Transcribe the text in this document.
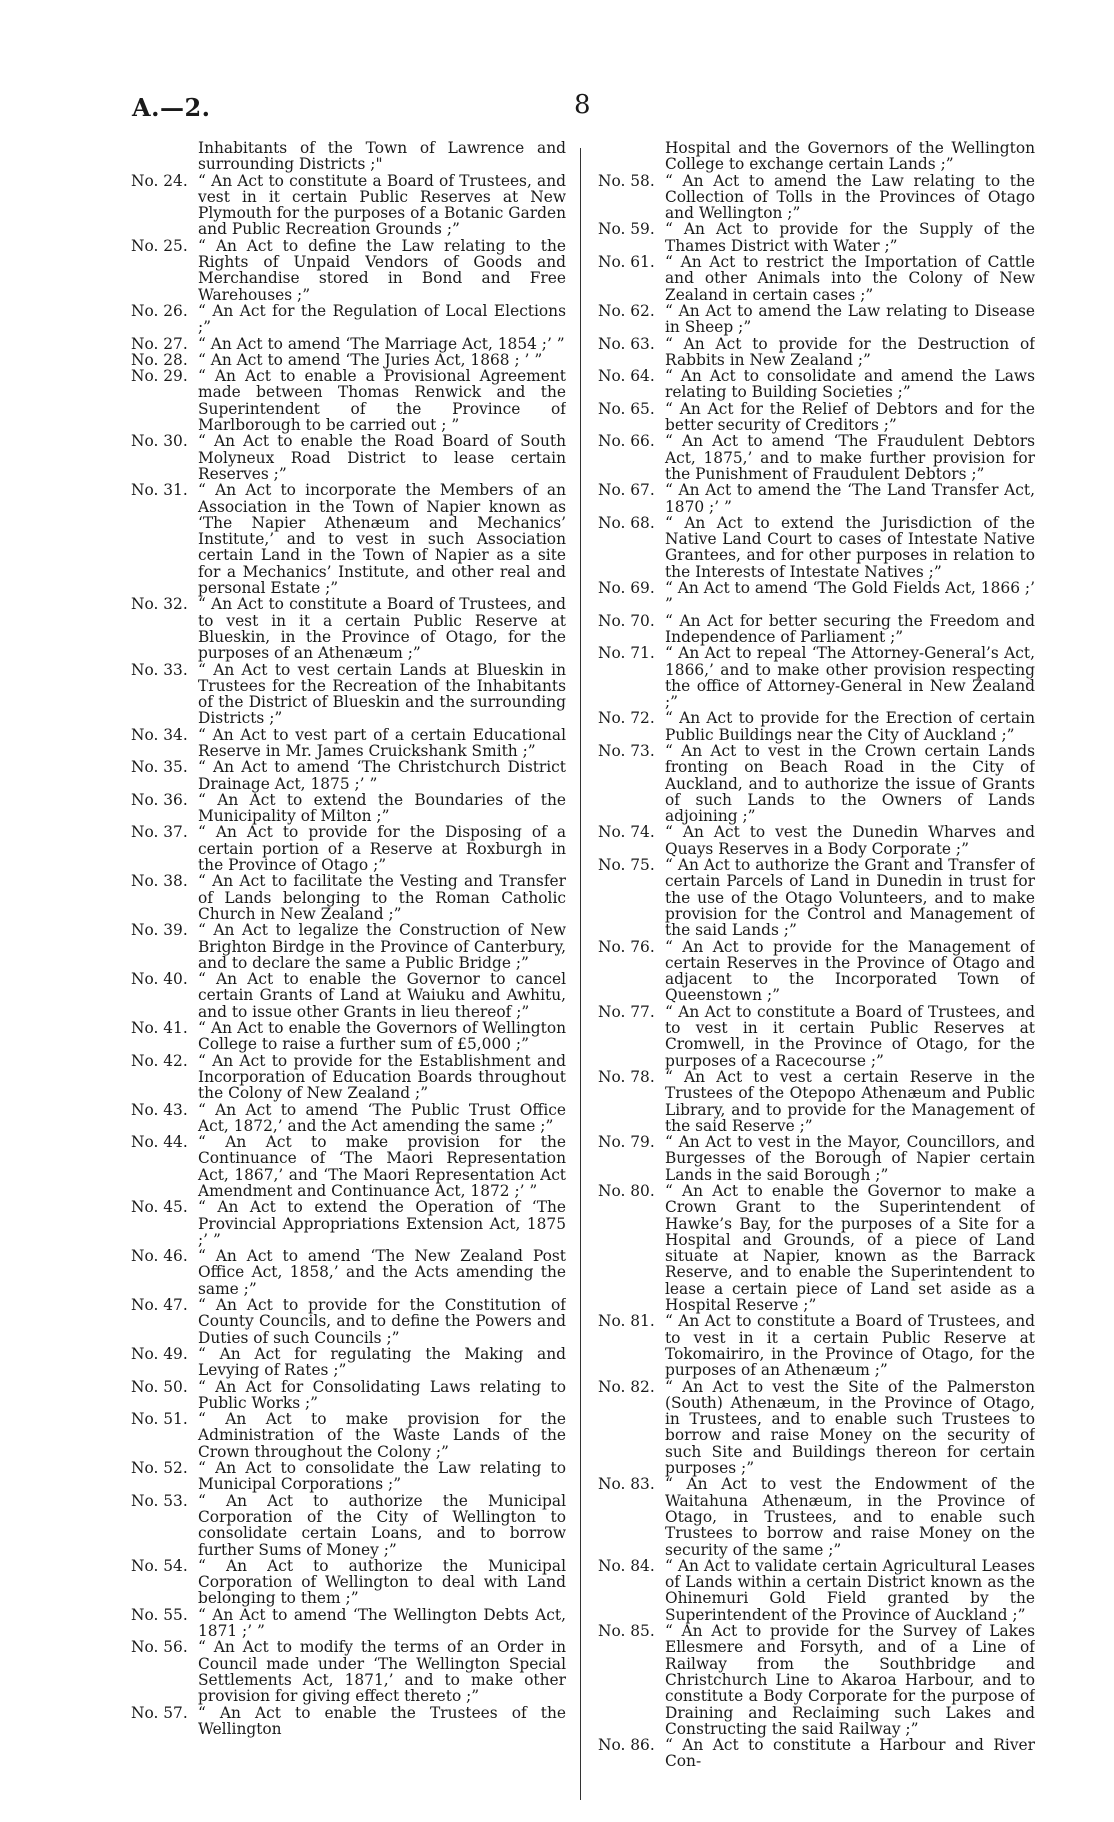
A.—2.	8

Inhabitants of the Town of Lawrence and surrounding Districts ;"

No. 24. “ An Act to constitute a Board of Trustees, and vest in it certain Public Reserves at New Plymouth for the purposes of a Botanic Garden and Public Recreation Grounds ;”

No. 25. “ An Act to define the Law relating to the Rights of Unpaid Vendors of Goods and Merchandise stored in Bond and Free Warehouses ;”

No. 26. “ An Act for the Regulation of Local Elections ;”

No. 27. “ An Act to amend ‘The Marriage Act, 1854 ;’ ”

No. 28. “ An Act to amend ‘The Juries Act, 1868 ; ’ ”

No. 29. “ An Act to enable a Provisional Agreement made between Thomas Renwick and the Superintendent of the Province of Marlborough to be carried out ; ”

No. 30. “ An Act to enable the Road Board of South Molyneux Road District to lease certain Reserves ;”

No. 31. “ An Act to incorporate the Members of an Association in the Town of Napier known as ‘The Napier Athenæum and Mechanics’ Institute,’ and to vest in such Association certain Land in the Town of Napier as a site for a Mechanics’ Institute, and other real and personal Estate ;”

No. 32. “ An Act to constitute a Board of Trustees, and to vest in it a certain Public Reserve at Blueskin, in the Province of Otago, for the purposes of an Athenæum ;”

No. 33. “ An Act to vest certain Lands at Blueskin in Trustees for the Recreation of the Inhabitants of the District of Blueskin and the surrounding Districts ;”

No. 34. “ An Act to vest part of a certain Educational Reserve in Mr. James Cruickshank Smith ;”

No. 35. “ An Act to amend ‘The Christchurch District Drainage Act, 1875 ;’ ”

No. 36. “ An Act to extend the Boundaries of the Municipality of Milton ;”

No. 37. “ An Act to provide for the Disposing of a certain portion of a Reserve at Roxburgh in the Province of Otago ;”

No. 38. “ An Act to facilitate the Vesting and Transfer of Lands belonging to the Roman Catholic Church in New Zealand ;”

No. 39. “ An Act to legalize the Construction of New Brighton Birdge in the Province of Canterbury, and to declare the same a Public Bridge ;”

No. 40. “ An Act to enable the Governor to cancel certain Grants of Land at Waiuku and Awhitu, and to issue other Grants in lieu thereof ;”

No. 41. “ An Act to enable the Governors of Wellington College to raise a further sum of £5,000 ;”

No. 42. “ An Act to provide for the Establishment and Incorporation of Education Boards throughout the Colony of New Zealand ;”

No. 43. “ An Act to amend ‘The Public Trust Office Act, 1872,’ and the Act amending the same ;”

No. 44. “ An Act to make provision for the Continuance of ‘The Maori Representation Act, 1867,’ and ‘The Maori Representation Act Amendment and Continuance Act, 1872 ;’ ”

No. 45. “ An Act to extend the Operation of ‘The Provincial Appropriations Extension Act, 1875 ;’ ”

No. 46. “ An Act to amend ‘The New Zealand Post Office Act, 1858,’ and the Acts amending the same ;”

No. 47. “ An Act to provide for the Constitution of County Councils, and to define the Powers and Duties of such Councils ;”

No. 49. “ An Act for regulating the Making and Levying of Rates ;”

No. 50. “ An Act for Consolidating Laws relating to Public Works ;”

No. 51. “ An Act to make provision for the Administration of the Waste Lands of the Crown throughout the Colony ;”

No. 52. “ An Act to consolidate the Law relating to Municipal Corporations ;”

No. 53. “ An Act to authorize the Municipal Corporation of the City of Wellington to consolidate certain Loans, and to borrow further Sums of Money ;”

No. 54. “ An Act to authorize the Municipal Corporation of Wellington to deal with Land belonging to them ;”

No. 55. “ An Act to amend ‘The Wellington Debts Act, 1871 ;’ ”

No. 56. “ An Act to modify the terms of an Order in Council made under ‘The Wellington Special Settlements Act, 1871,’ and to make other provision for giving effect thereto ;”

No. 57. “ An Act to enable the Trustees of the Wellington

Hospital and the Governors of the Wellington College to exchange certain Lands ;”

No. 58. “ An Act to amend the Law relating to the Collection of Tolls in the Provinces of Otago and Wellington ;”

No. 59. “ An Act to provide for the Supply of the Thames District with Water ;”

No. 61. “ An Act to restrict the Importation of Cattle and other Animals into the Colony of New Zealand in certain cases ;”

No. 62. “ An Act to amend the Law relating to Disease in Sheep ;”

No. 63. “ An Act to provide for the Destruction of Rabbits in New Zealand ;”

No. 64. “ An Act to consolidate and amend the Laws relating to Building Societies ;”

No. 65. “ An Act for the Relief of Debtors and for the better security of Creditors ;”

No. 66. “ An Act to amend ‘The Fraudulent Debtors Act, 1875,’ and to make further provision for the Punishment of Fraudulent Debtors ;”

No. 67. “ An Act to amend the ‘The Land Transfer Act, 1870 ;’ ”

No. 68. “ An Act to extend the Jurisdiction of the Native Land Court to cases of Intestate Native Grantees, and for other purposes in relation to the Interests of Intestate Natives ;”

No. 69. “ An Act to amend ‘The Gold Fields Act, 1866 ;’ ”

No. 70. “ An Act for better securing the Freedom and Independence of Parliament ;”

No. 71. “ An Act to repeal ‘The Attorney-General’s Act, 1866,’ and to make other provision respecting the office of Attorney-General in New Zealand ;”

No. 72. “ An Act to provide for the Erection of certain Public Buildings near the City of Auckland ;”

No. 73. “ An Act to vest in the Crown certain Lands fronting on Beach Road in the City of Auckland, and to authorize the issue of Grants of such Lands to the Owners of Lands adjoining ;”

No. 74. “ An Act to vest the Dunedin Wharves and Quays Reserves in a Body Corporate ;”

No. 75. “ An Act to authorize the Grant and Transfer of certain Parcels of Land in Dunedin in trust for the use of the Otago Volunteers, and to make provision for the Control and Management of the said Lands ;”

No. 76. “ An Act to provide for the Management of certain Reserves in the Province of Otago and adjacent to the Incorporated Town of Queenstown ;”

No. 77. “ An Act to constitute a Board of Trustees, and to vest in it certain Public Reserves at Cromwell, in the Province of Otago, for the purposes of a Racecourse ;”

No. 78. “ An Act to vest a certain Reserve in the Trustees of the Otepopo Athenæum and Public Library, and to provide for the Management of the said Reserve ;”

No. 79. “ An Act to vest in the Mayor, Councillors, and Burgesses of the Borough of Napier certain Lands in the said Borough ;”

No. 80. “ An Act to enable the Governor to make a Crown Grant to the Superintendent of Hawke’s Bay, for the purposes of a Site for a Hospital and Grounds, of a piece of Land situate at Napier, known as the Barrack Reserve, and to enable the Superintendent to lease a certain piece of Land set aside as a Hospital Reserve ;”

No. 81. “ An Act to constitute a Board of Trustees, and to vest in it a certain Public Reserve at Tokomairiro, in the Province of Otago, for the purposes of an Athenæum ;”

No. 82. “ An Act to vest the Site of the Palmerston (South) Athenæum, in the Province of Otago, in Trustees, and to enable such Trustees to borrow and raise Money on the security of such Site and Buildings thereon for certain purposes ;”

No. 83. “ An Act to vest the Endowment of the Waitahuna Athenæum, in the Province of Otago, in Trustees, and to enable such Trustees to borrow and raise Money on the security of the same ;”

No. 84. “ An Act to validate certain Agricultural Leases of Lands within a certain District known as the Ohinemuri Gold Field granted by the Superintendent of the Province of Auckland ;”

No. 85. “ An Act to provide for the Survey of Lakes Ellesmere and Forsyth, and of a Line of Railway from the Southbridge and Christchurch Line to Akaroa Harbour, and to constitute a Body Corporate for the purpose of Draining and Reclaiming such Lakes and Constructing the said Railway ;”

No. 86. “ An Act to constitute a Harbour and River Con-
